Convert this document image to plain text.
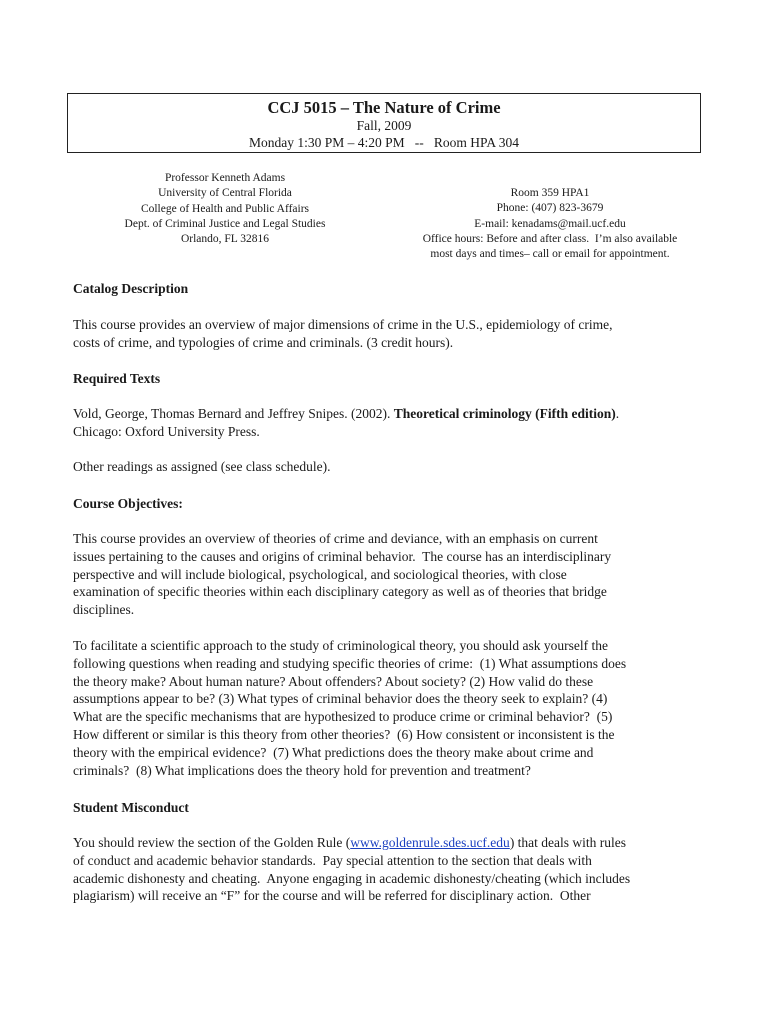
CCJ 5015 – The Nature of Crime
Fall, 2009
Monday 1:30 PM – 4:20 PM   --   Room HPA 304
Professor Kenneth Adams
University of Central Florida
College of Health and Public Affairs
Dept. of Criminal Justice and Legal Studies
Orlando, FL 32816
Room 359 HPA1
Phone: (407) 823-3679
E-mail: kenadams@mail.ucf.edu
Office hours: Before and after class.  I’m also available
most days and times– call or email for appointment.
Catalog Description
This course provides an overview of major dimensions of crime in the U.S., epidemiology of crime,
costs of crime, and typologies of crime and criminals. (3 credit hours).
Required Texts
Vold, George, Thomas Bernard and Jeffrey Snipes. (2002). Theoretical criminology (Fifth edition).
Chicago: Oxford University Press.
Other readings as assigned (see class schedule).
Course Objectives:
This course provides an overview of theories of crime and deviance, with an emphasis on current
issues pertaining to the causes and origins of criminal behavior.  The course has an interdisciplinary
perspective and will include biological, psychological, and sociological theories, with close
examination of specific theories within each disciplinary category as well as of theories that bridge
disciplines.
To facilitate a scientific approach to the study of criminological theory, you should ask yourself the
following questions when reading and studying specific theories of crime:  (1) What assumptions does
the theory make? About human nature? About offenders? About society? (2) How valid do these
assumptions appear to be? (3) What types of criminal behavior does the theory seek to explain? (4)
What are the specific mechanisms that are hypothesized to produce crime or criminal behavior?  (5)
How different or similar is this theory from other theories?  (6) How consistent or inconsistent is the
theory with the empirical evidence?  (7) What predictions does the theory make about crime and
criminals?  (8) What implications does the theory hold for prevention and treatment?
Student Misconduct
You should review the section of the Golden Rule (www.goldenrule.sdes.ucf.edu) that deals with rules
of conduct and academic behavior standards.  Pay special attention to the section that deals with
academic dishonesty and cheating.  Anyone engaging in academic dishonesty/cheating (which includes
plagiarism) will receive an “F” for the course and will be referred for disciplinary action.  Other
